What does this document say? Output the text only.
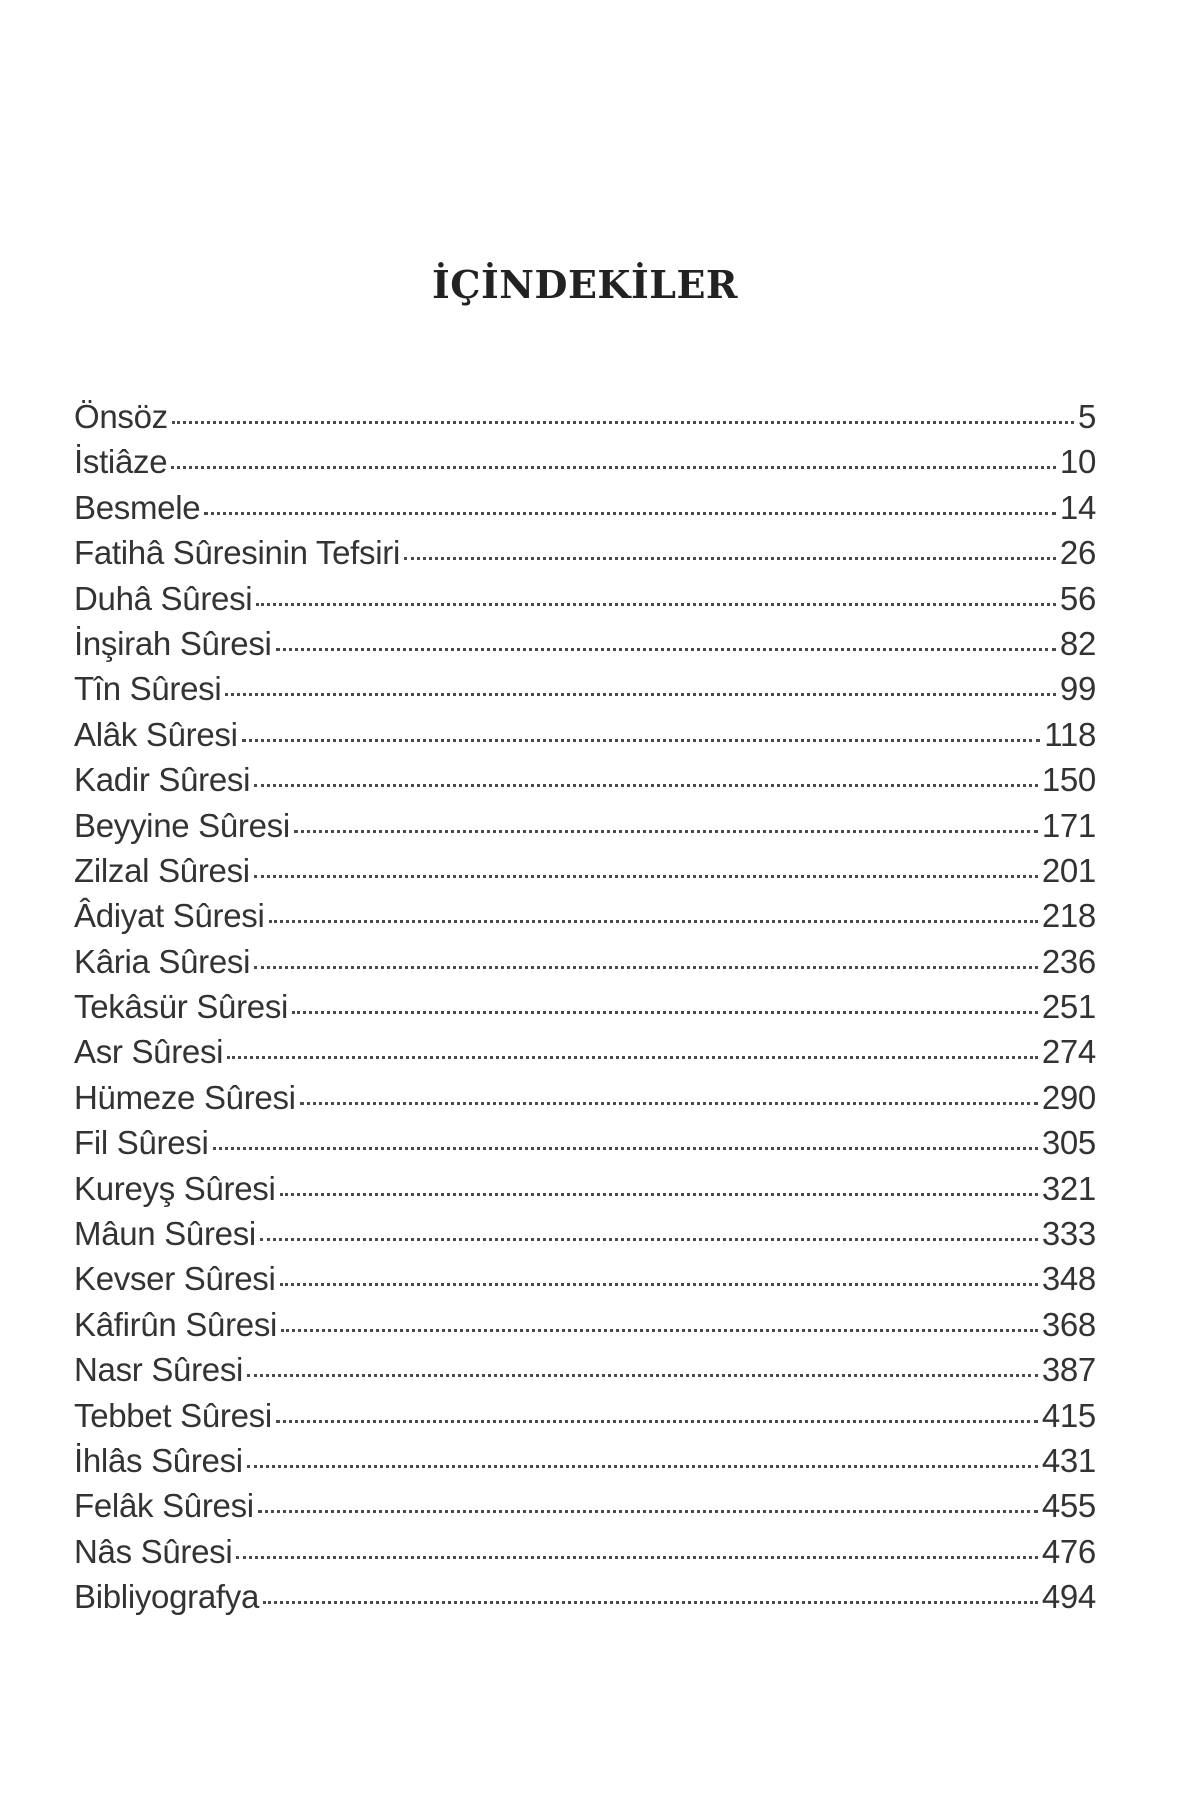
İÇİNDEKİLER
Önsöz	5
İstiâze	10
Besmele	14
Fatihâ Sûresinin Tefsiri	26
Duhâ Sûresi	56
İnşirah Sûresi	82
Tîn Sûresi	99
Alâk Sûresi	118
Kadir Sûresi	150
Beyyine Sûresi	171
Zilzal Sûresi	201
Âdiyat Sûresi	218
Kâria Sûresi	236
Tekâsür Sûresi	251
Asr Sûresi	274
Hümeze Sûresi	290
Fil Sûresi	305
Kureyş Sûresi	321
Mâun Sûresi	333
Kevser Sûresi	348
Kâfirûn Sûresi	368
Nasr Sûresi	387
Tebbet Sûresi	415
İhlâs Sûresi	431
Felâk Sûresi	455
Nâs Sûresi	476
Bibliyografya	494
